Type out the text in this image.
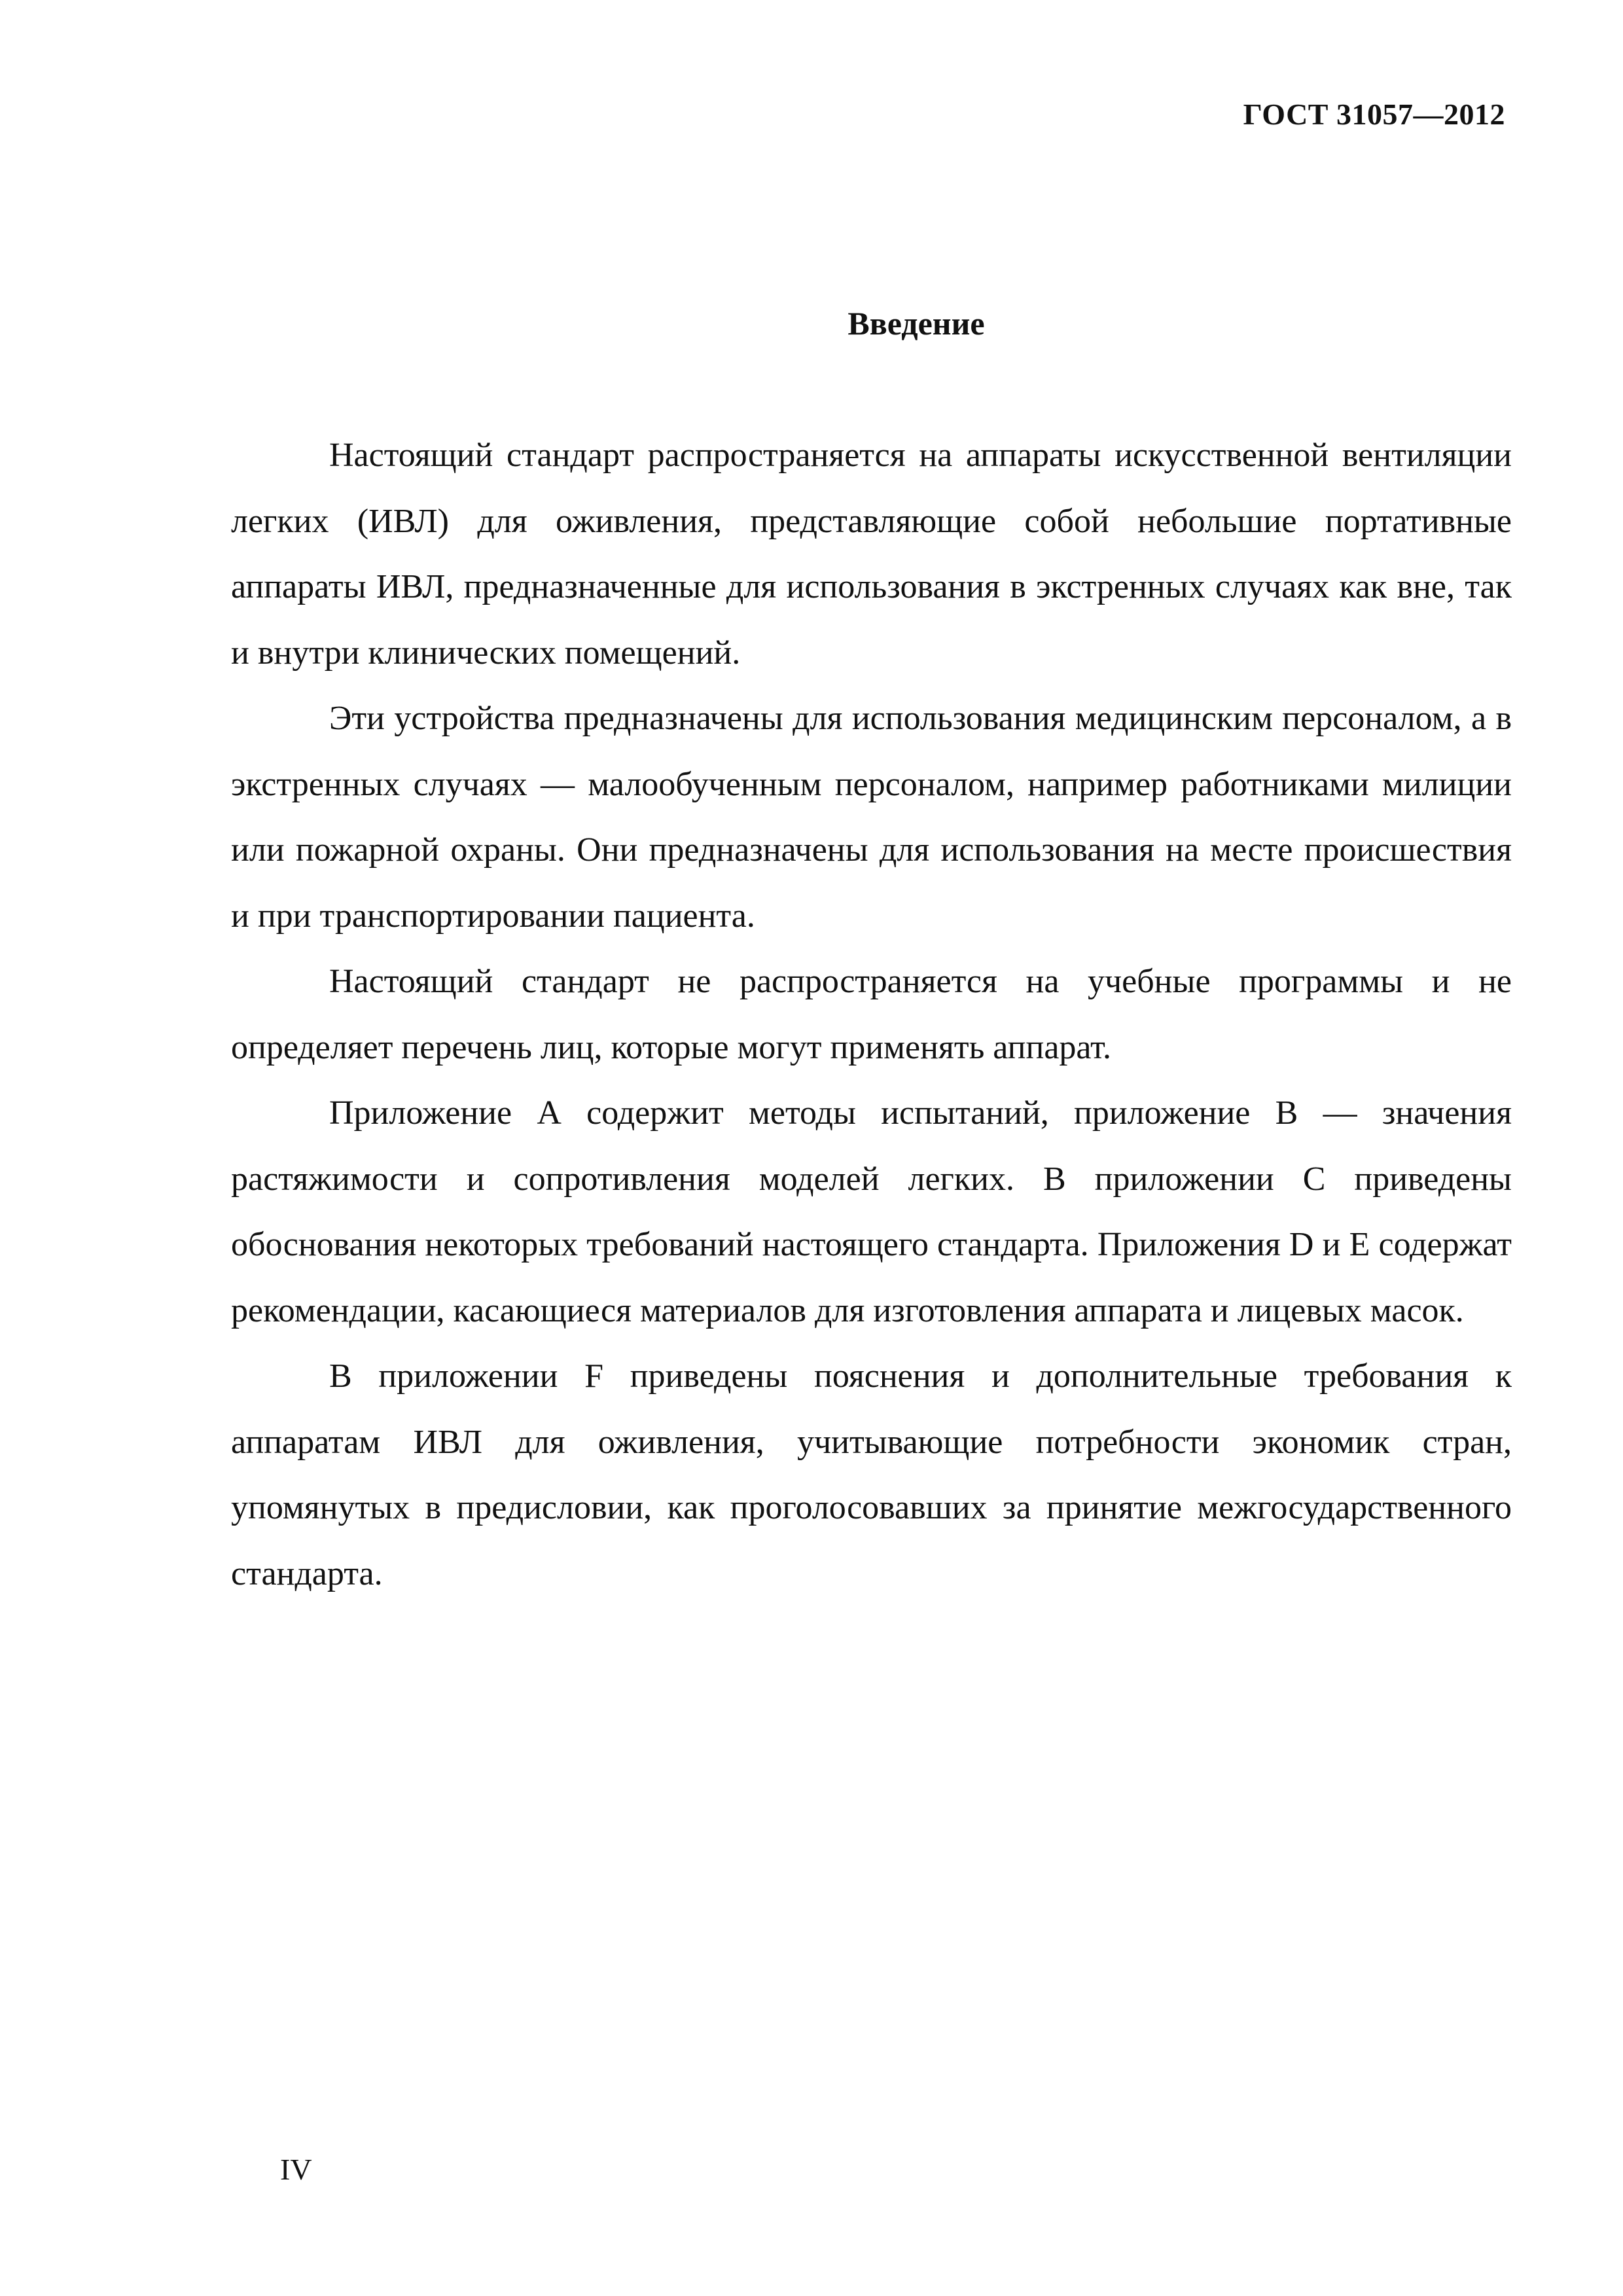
ГОСТ 31057—2012
Введение

Настоящий стандарт распространяется на аппараты искусственной вентиляции легких (ИВЛ) для оживления, представляющие собой небольшие портативные аппараты ИВЛ, предназначенные для использования в экстренных случаях как вне, так и внутри клинических помещений.

Эти устройства предназначены для использования медицинским персоналом, а в экстренных случаях — малообученным персоналом, например работниками милиции или пожарной охраны. Они предназначены для использования на месте происшествия и при транспортировании пациента.

Настоящий стандарт не распространяется на учебные программы и не определяет перечень лиц, которые могут применять аппарат.

Приложение А содержит методы испытаний, приложение В — значения растяжимости и сопротивления моделей легких. В приложении С приведены обоснования некоторых требований настоящего стандарта. Приложения D и Е содержат рекомендации, касающиеся материалов для изготовления аппарата и лицевых масок.

В приложении F приведены пояснения и дополнительные требования к аппаратам ИВЛ для оживления, учитывающие потребности экономик стран, упомянутых в предисловии, как проголосовавших за принятие межгосударственного стандарта.

IV
